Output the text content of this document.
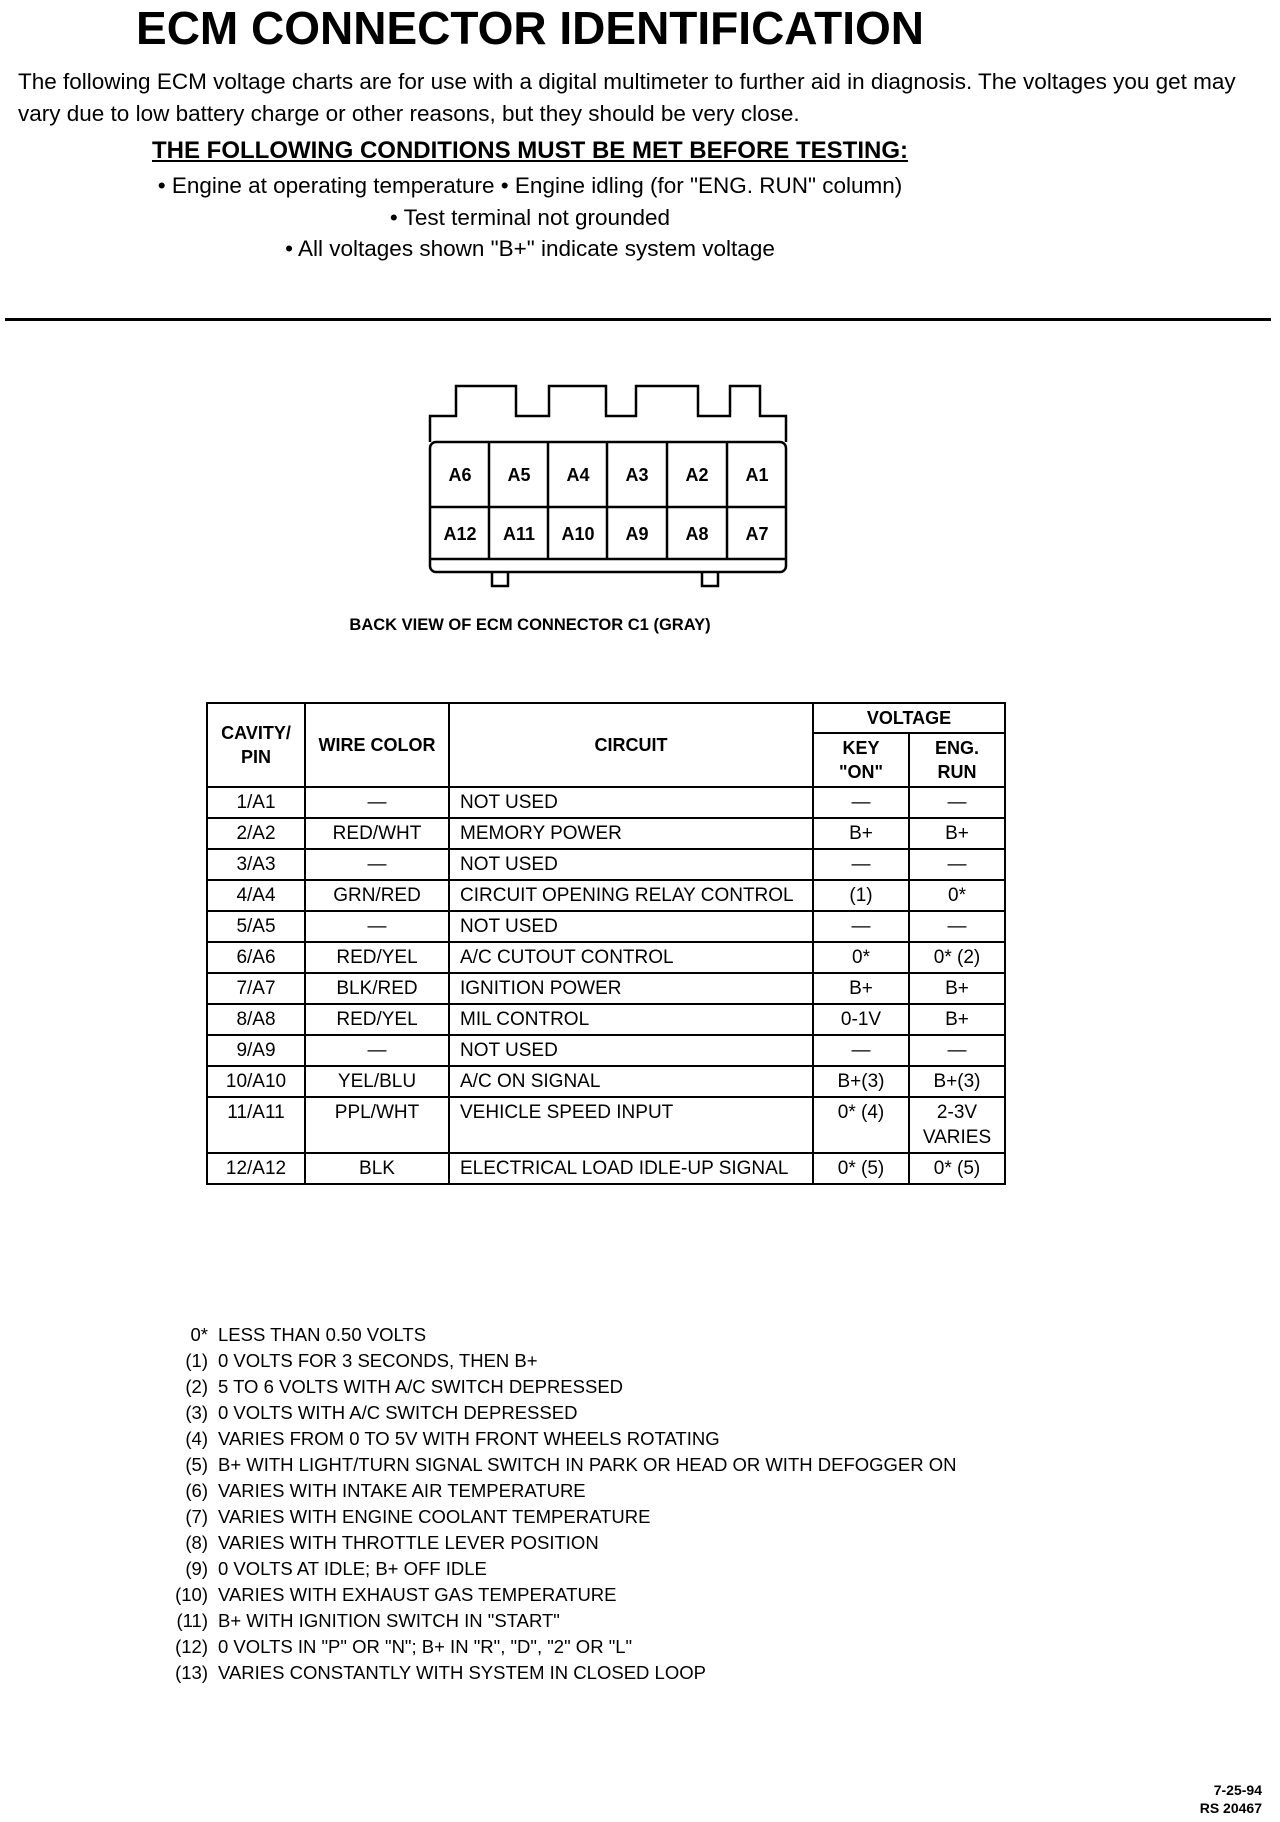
ECM CONNECTOR IDENTIFICATION

The following ECM voltage charts are for use with a digital multimeter to further aid in diagnosis. The voltages you get may vary due to low battery charge or other reasons, but they should be very close.

THE FOLLOWING CONDITIONS MUST BE MET BEFORE TESTING:

• Engine at operating temperature • Engine idling (for "ENG. RUN" column)
• Test terminal not grounded
• All voltages shown "B+" indicate system voltage
A6 A5 A4 A3 A2 A1
A12 A11 A10 A9 A8 A7
BACK VIEW OF ECM CONNECTOR C1 (GRAY)
CAVITY/ PIN	WIRE COLOR	CIRCUIT	VOLTAGE	
			KEY "ON"	ENG. RUN
1/A1	—	NOT USED	—	—
2/A2	RED/WHT	MEMORY POWER	B+	B+
3/A3	—	NOT USED	—	—
4/A4	GRN/RED	CIRCUIT OPENING RELAY CONTROL	(1)	0*
5/A5	—	NOT USED	—	—
6/A6	RED/YEL	A/C CUTOUT CONTROL	0*	0* (2)
7/A7	BLK/RED	IGNITION POWER	B+	B+
8/A8	RED/YEL	MIL CONTROL	0-1V	B+
9/A9	—	NOT USED	—	—
10/A10	YEL/BLU	A/C ON SIGNAL	B+(3)	B+(3)
11/A11	PPL/WHT	VEHICLE SPEED INPUT	0* (4)	2-3V VARIES
12/A12	BLK	ELECTRICAL LOAD IDLE-UP SIGNAL	0* (5)	0* (5)
0* LESS THAN 0.50 VOLTS
(1) 0 VOLTS FOR 3 SECONDS, THEN B+
(2) 5 TO 6 VOLTS WITH A/C SWITCH DEPRESSED
(3) 0 VOLTS WITH A/C SWITCH DEPRESSED
(4) VARIES FROM 0 TO 5V WITH FRONT WHEELS ROTATING
(5) B+ WITH LIGHT/TURN SIGNAL SWITCH IN PARK OR HEAD OR WITH DEFOGGER ON
(6) VARIES WITH INTAKE AIR TEMPERATURE
(7) VARIES WITH ENGINE COOLANT TEMPERATURE
(8) VARIES WITH THROTTLE LEVER POSITION
(9) 0 VOLTS AT IDLE; B+ OFF IDLE
(10) VARIES WITH EXHAUST GAS TEMPERATURE
(11) B+ WITH IGNITION SWITCH IN "START"
(12) 0 VOLTS IN "P" OR "N"; B+ IN "R", "D", "2" OR "L"
(13) VARIES CONSTANTLY WITH SYSTEM IN CLOSED LOOP
7-25-94
RS 20467
